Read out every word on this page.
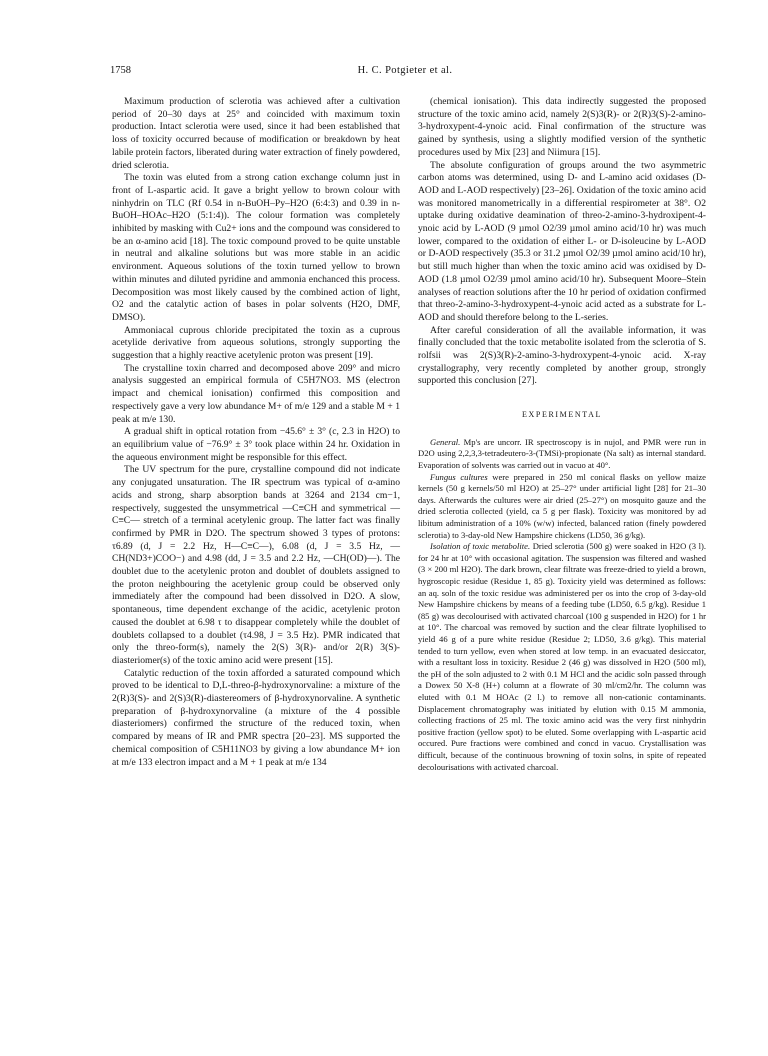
1758	H. C. Potgieter et al.

Maximum production of sclerotia was achieved after a cultivation period of 20–30 days at 25° and coincided with maximum toxin production. Intact sclerotia were used, since it had been established that loss of toxicity occurred because of modification or breakdown by heat labile protein factors, liberated during water extraction of finely powdered, dried sclerotia.

The toxin was eluted from a strong cation exchange column just in front of L-aspartic acid. It gave a bright yellow to brown colour with ninhydrin on TLC (Rf 0.54 in n-BuOH–Py–H2O (6:4:3) and 0.39 in n-BuOH–HOAc–H2O (5:1:4)). The colour formation was completely inhibited by masking with Cu2+ ions and the compound was considered to be an α-amino acid [18]. The toxic compound proved to be quite unstable in neutral and alkaline solutions but was more stable in an acidic environment. Aqueous solutions of the toxin turned yellow to brown within minutes and diluted pyridine and ammonia enchanced this process. Decomposition was most likely caused by the combined action of light, O2 and the catalytic action of bases in polar solvents (H2O, DMF, DMSO).

Ammoniacal cuprous chloride precipitated the toxin as a cuprous acetylide derivative from aqueous solutions, strongly supporting the suggestion that a highly reactive acetylenic proton was present [19].

The crystalline toxin charred and decomposed above 209° and micro analysis suggested an empirical formula of C5H7NO3. MS (electron impact and chemical ionisation) confirmed this composition and respectively gave a very low abundance M+ of m/e 129 and a stable M + 1 peak at m/e 130.

A gradual shift in optical rotation from −45.6° ± 3° (c, 2.3 in H2O) to an equilibrium value of −76.9° ± 3° took place within 24 hr. Oxidation in the aqueous environment might be responsible for this effect.

The UV spectrum for the pure, crystalline compound did not indicate any conjugated unsaturation. The IR spectrum was typical of α-amino acids and strong, sharp absorption bands at 3264 and 2134 cm−1, respectively, suggested the unsymmetrical —C≡CH and symmetrical —C≡C— stretch of a terminal acetylenic group. The latter fact was finally confirmed by PMR in D2O. The spectrum showed 3 types of protons: τ6.89 (d, J = 2.2 Hz, H—C≡C—), 6.08 (d, J = 3.5 Hz, —CH(ND3+)COO−) and 4.98 (dd, J = 3.5 and 2.2 Hz, —CH(OD)—). The doublet due to the acetylenic proton and doublet of doublets assigned to the proton neighbouring the acetylenic group could be observed only immediately after the compound had been dissolved in D2O. A slow, spontaneous, time dependent exchange of the acidic, acetylenic proton caused the doublet at 6.98 τ to disappear completely while the doublet of doublets collapsed to a doublet (τ4.98, J = 3.5 Hz). PMR indicated that only the threo-form(s), namely the 2(S) 3(R)- and/or 2(R) 3(S)-diasteriomer(s) of the toxic amino acid were present [15].

Catalytic reduction of the toxin afforded a saturated compound which proved to be identical to D,L-threo-β-hydroxynorvaline: a mixture of the 2(R)3(S)- and 2(S)3(R)-diastereomers of β-hydroxynorvaline. A synthetic preparation of β-hydroxynorvaline (a mixture of the 4 possible diasteriomers) confirmed the structure of the reduced toxin, when compared by means of IR and PMR spectra [20–23]. MS supported the chemical composition of C5H11NO3 by giving a low abundance M+ ion at m/e 133 electron impact and a M + 1 peak at m/e 134

(chemical ionisation). This data indirectly suggested the proposed structure of the toxic amino acid, namely 2(S)3(R)- or 2(R)3(S)-2-amino-3-hydroxypent-4-ynoic acid. Final confirmation of the structure was gained by synthesis, using a slightly modified version of the synthetic procedures used by Mix [23] and Niimura [15].

The absolute configuration of groups around the two asymmetric carbon atoms was determined, using D- and L-amino acid oxidases (D-AOD and L-AOD respectively) [23–26]. Oxidation of the toxic amino acid was monitored manometrically in a differential respirometer at 38°. O2 uptake during oxidative deamination of threo-2-amino-3-hydroxipent-4-ynoic acid by L-AOD (9 µmol O2/39 µmol amino acid/10 hr) was much lower, compared to the oxidation of either L- or D-isoleucine by L-AOD or D-AOD respectively (35.3 or 31.2 µmol O2/39 µmol amino acid/10 hr), but still much higher than when the toxic amino acid was oxidised by D-AOD (1.8 µmol O2/39 µmol amino acid/10 hr). Subsequent Moore–Stein analyses of reaction solutions after the 10 hr period of oxidation confirmed that threo-2-amino-3-hydroxypent-4-ynoic acid acted as a substrate for L-AOD and should therefore belong to the L-series.

After careful consideration of all the available information, it was finally concluded that the toxic metabolite isolated from the sclerotia of S. rolfsii was 2(S)3(R)-2-amino-3-hydroxypent-4-ynoic acid. X-ray crystallography, very recently completed by another group, strongly supported this conclusion [27].

EXPERIMENTAL

General. Mp's are uncorr. IR spectroscopy is in nujol, and PMR were run in D2O using 2,2,3,3-tetradeutero-3-(TMSi)-propionate (Na salt) as internal standard. Evaporation of solvents was carried out in vacuo at 40°.

Fungus cultures were prepared in 250 ml conical flasks on yellow maize kernels (50 g kernels/50 ml H2O) at 25–27° under artificial light [28] for 21–30 days. Afterwards the cultures were air dried (25–27°) on mosquito gauze and the dried sclerotia collected (yield, ca 5 g per flask). Toxicity was monitored by ad libitum administration of a 10% (w/w) infected, balanced ration (finely powdered sclerotia) to 3-day-old New Hampshire chickens (LD50, 36 g/kg).

Isolation of toxic metabolite. Dried sclerotia (500 g) were soaked in H2O (3 l). for 24 hr at 10° with occasional agitation. The suspension was filtered and washed (3 × 200 ml H2O). The dark brown, clear filtrate was freeze-dried to yield a brown, hygroscopic residue (Residue 1, 85 g). Toxicity yield was determined as follows: an aq. soln of the toxic residue was administered per os into the crop of 3-day-old New Hampshire chickens by means of a feeding tube (LD50, 6.5 g/kg). Residue 1 (85 g) was decolourised with activated charcoal (100 g suspended in H2O) for 1 hr at 10°. The charcoal was removed by suction and the clear filtrate lyophilised to yield 46 g of a pure white residue (Residue 2; LD50, 3.6 g/kg). This material tended to turn yellow, even when stored at low temp. in an evacuated desiccator, with a resultant loss in toxicity. Residue 2 (46 g) was dissolved in H2O (500 ml), the pH of the soln adjusted to 2 with 0.1 M HCl and the acidic soln passed through a Dowex 50 X-8 (H+) column at a flowrate of 30 ml/cm2/hr. The column was eluted with 0.1 M HOAc (2 l.) to remove all non-cationic contaminants. Displacement chromatography was initiated by elution with 0.15 M ammonia, collecting fractions of 25 ml. The toxic amino acid was the very first ninhydrin positive fraction (yellow spot) to be eluted. Some overlapping with L-aspartic acid occured. Pure fractions were combined and concd in vacuo. Crystallisation was difficult, because of the continuous browning of toxin solns, in spite of repeated decolourisations with activated charcoal.
